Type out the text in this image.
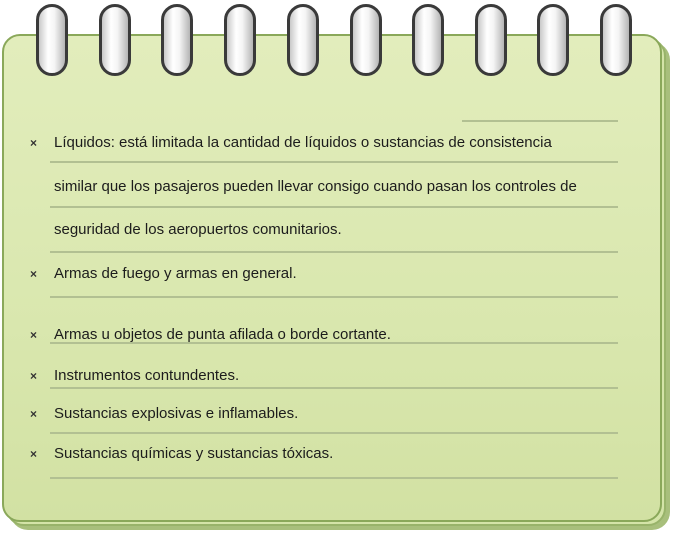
×	Líquidos: está limitada la cantidad de líquidos o sustancias de consistencia
similar que los pasajeros pueden llevar consigo cuando pasan los controles de
seguridad de los aeropuertos comunitarios.
×	Armas de fuego y armas en general.
×	Armas u objetos de punta afilada o borde cortante.
×	Instrumentos contundentes.
×	Sustancias explosivas e inflamables.
×	Sustancias químicas y sustancias tóxicas.
